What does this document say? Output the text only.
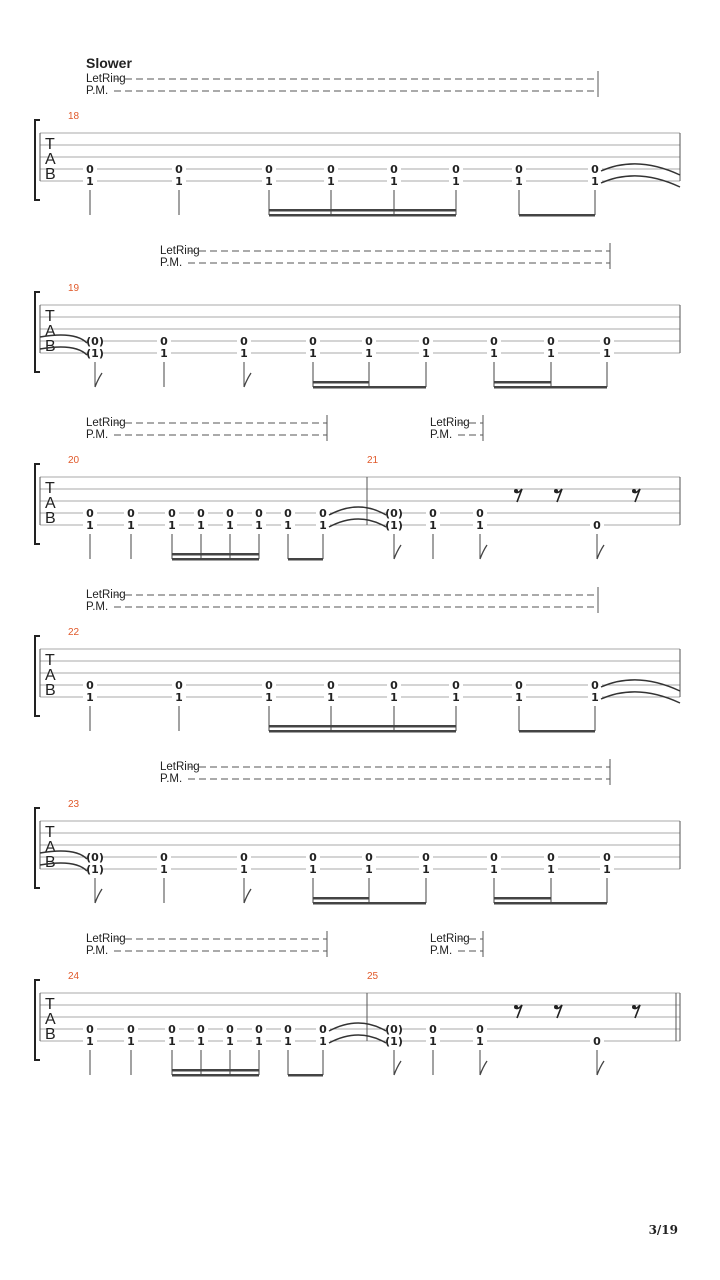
Slower
T
A
B
LetRing
P.M.
18
0
1
0
1
0
1
0
1
0
1
0
1
0
1
0
1
T
A
B
LetRing
P.M.
19
(0)
(1)
0
1
0
1
0
1
0
1
0
1
0
1
0
1
0
1
T
A
B
LetRing
P.M.
LetRing
P.M.
20	21
0
1
0
1
0
1
0
1
0
1
0
1
0
1
0
1
(0)
(1)
0
1
0
1	0
T
A
B
LetRing
P.M.
22
0
1
0
1
0
1
0
1
0
1
0
1
0
1
0
1
T
A
B
LetRing
P.M.
23
(0)
(1)
0
1
0
1
0
1
0
1
0
1
0
1
0
1
0
1
T
A
B
LetRing
P.M.
LetRing
P.M.
24	25
0
1
0
1
0
1
0
1
0
1
0
1
0
1
0
1
(0)
(1)
0
1
0
1	0
3/19
